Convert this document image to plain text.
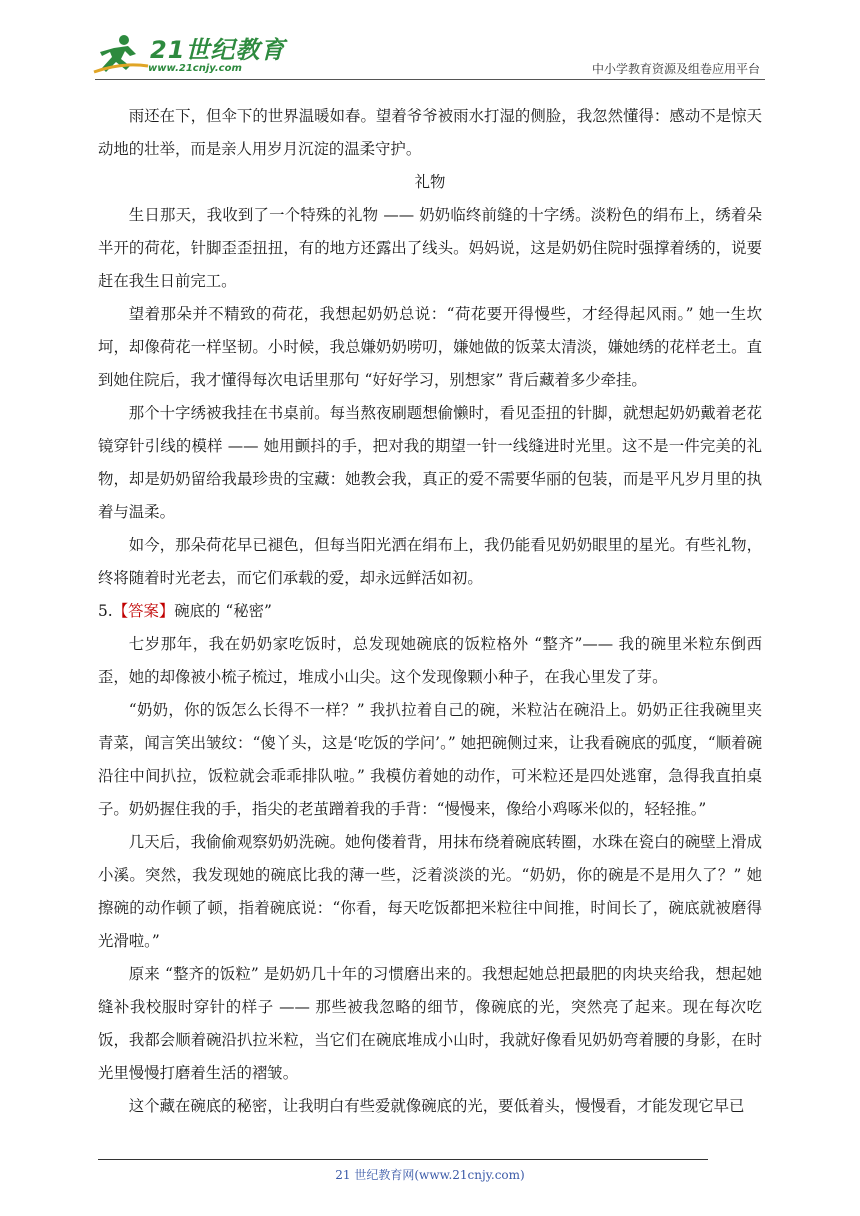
21世纪教育
www.21cnjy.com	中小学教育资源及组卷应用平台

雨还在下，但伞下的世界温暖如春。望着爷爷被雨水打湿的侧脸，我忽然懂得：感动不是惊天动地的壮举，而是亲人用岁月沉淀的温柔守护。

礼物

生日那天，我收到了一个特殊的礼物 —— 奶奶临终前缝的十字绣。淡粉色的绢布上，绣着朵半开的荷花，针脚歪歪扭扭，有的地方还露出了线头。妈妈说，这是奶奶住院时强撑着绣的，说要赶在我生日前完工。

望着那朵并不精致的荷花，我想起奶奶总说：“荷花要开得慢些，才经得起风雨。” 她一生坎坷，却像荷花一样坚韧。小时候，我总嫌奶奶唠叨，嫌她做的饭菜太清淡，嫌她绣的花样老土。直到她住院后，我才懂得每次电话里那句 “好好学习，别想家” 背后藏着多少牵挂。

那个十字绣被我挂在书桌前。每当熬夜刷题想偷懒时，看见歪扭的针脚，就想起奶奶戴着老花镜穿针引线的模样 —— 她用颤抖的手，把对我的期望一针一线缝进时光里。这不是一件完美的礼物，却是奶奶留给我最珍贵的宝藏：她教会我，真正的爱不需要华丽的包装，而是平凡岁月里的执着与温柔。

如今，那朵荷花早已褪色，但每当阳光洒在绢布上，我仍能看见奶奶眼里的星光。有些礼物，终将随着时光老去，而它们承载的爱，却永远鲜活如初。

5.【答案】碗底的 “秘密”

七岁那年，我在奶奶家吃饭时，总发现她碗底的饭粒格外 “整齐”—— 我的碗里米粒东倒西歪，她的却像被小梳子梳过，堆成小山尖。这个发现像颗小种子，在我心里发了芽。

“奶奶，你的饭怎么长得不一样？” 我扒拉着自己的碗，米粒沾在碗沿上。奶奶正往我碗里夹青菜，闻言笑出皱纹：“傻丫头，这是‘吃饭的学问’。” 她把碗侧过来，让我看碗底的弧度，“顺着碗沿往中间扒拉，饭粒就会乖乖排队啦。” 我模仿着她的动作，可米粒还是四处逃窜，急得我直拍桌子。奶奶握住我的手，指尖的老茧蹭着我的手背：“慢慢来，像给小鸡啄米似的，轻轻推。”

几天后，我偷偷观察奶奶洗碗。她佝偻着背，用抹布绕着碗底转圈，水珠在瓷白的碗壁上滑成小溪。突然，我发现她的碗底比我的薄一些，泛着淡淡的光。“奶奶，你的碗是不是用久了？” 她擦碗的动作顿了顿，指着碗底说：“你看，每天吃饭都把米粒往中间推，时间长了，碗底就被磨得光滑啦。”

原来 “整齐的饭粒” 是奶奶几十年的习惯磨出来的。我想起她总把最肥的肉块夹给我，想起她缝补我校服时穿针的样子 —— 那些被我忽略的细节，像碗底的光，突然亮了起来。现在每次吃饭，我都会顺着碗沿扒拉米粒，当它们在碗底堆成小山时，我就好像看见奶奶弯着腰的身影，在时光里慢慢打磨着生活的褶皱。

这个藏在碗底的秘密，让我明白有些爱就像碗底的光，要低着头，慢慢看，才能发现它早已

21 世纪教育网(www.21cnjy.com)
